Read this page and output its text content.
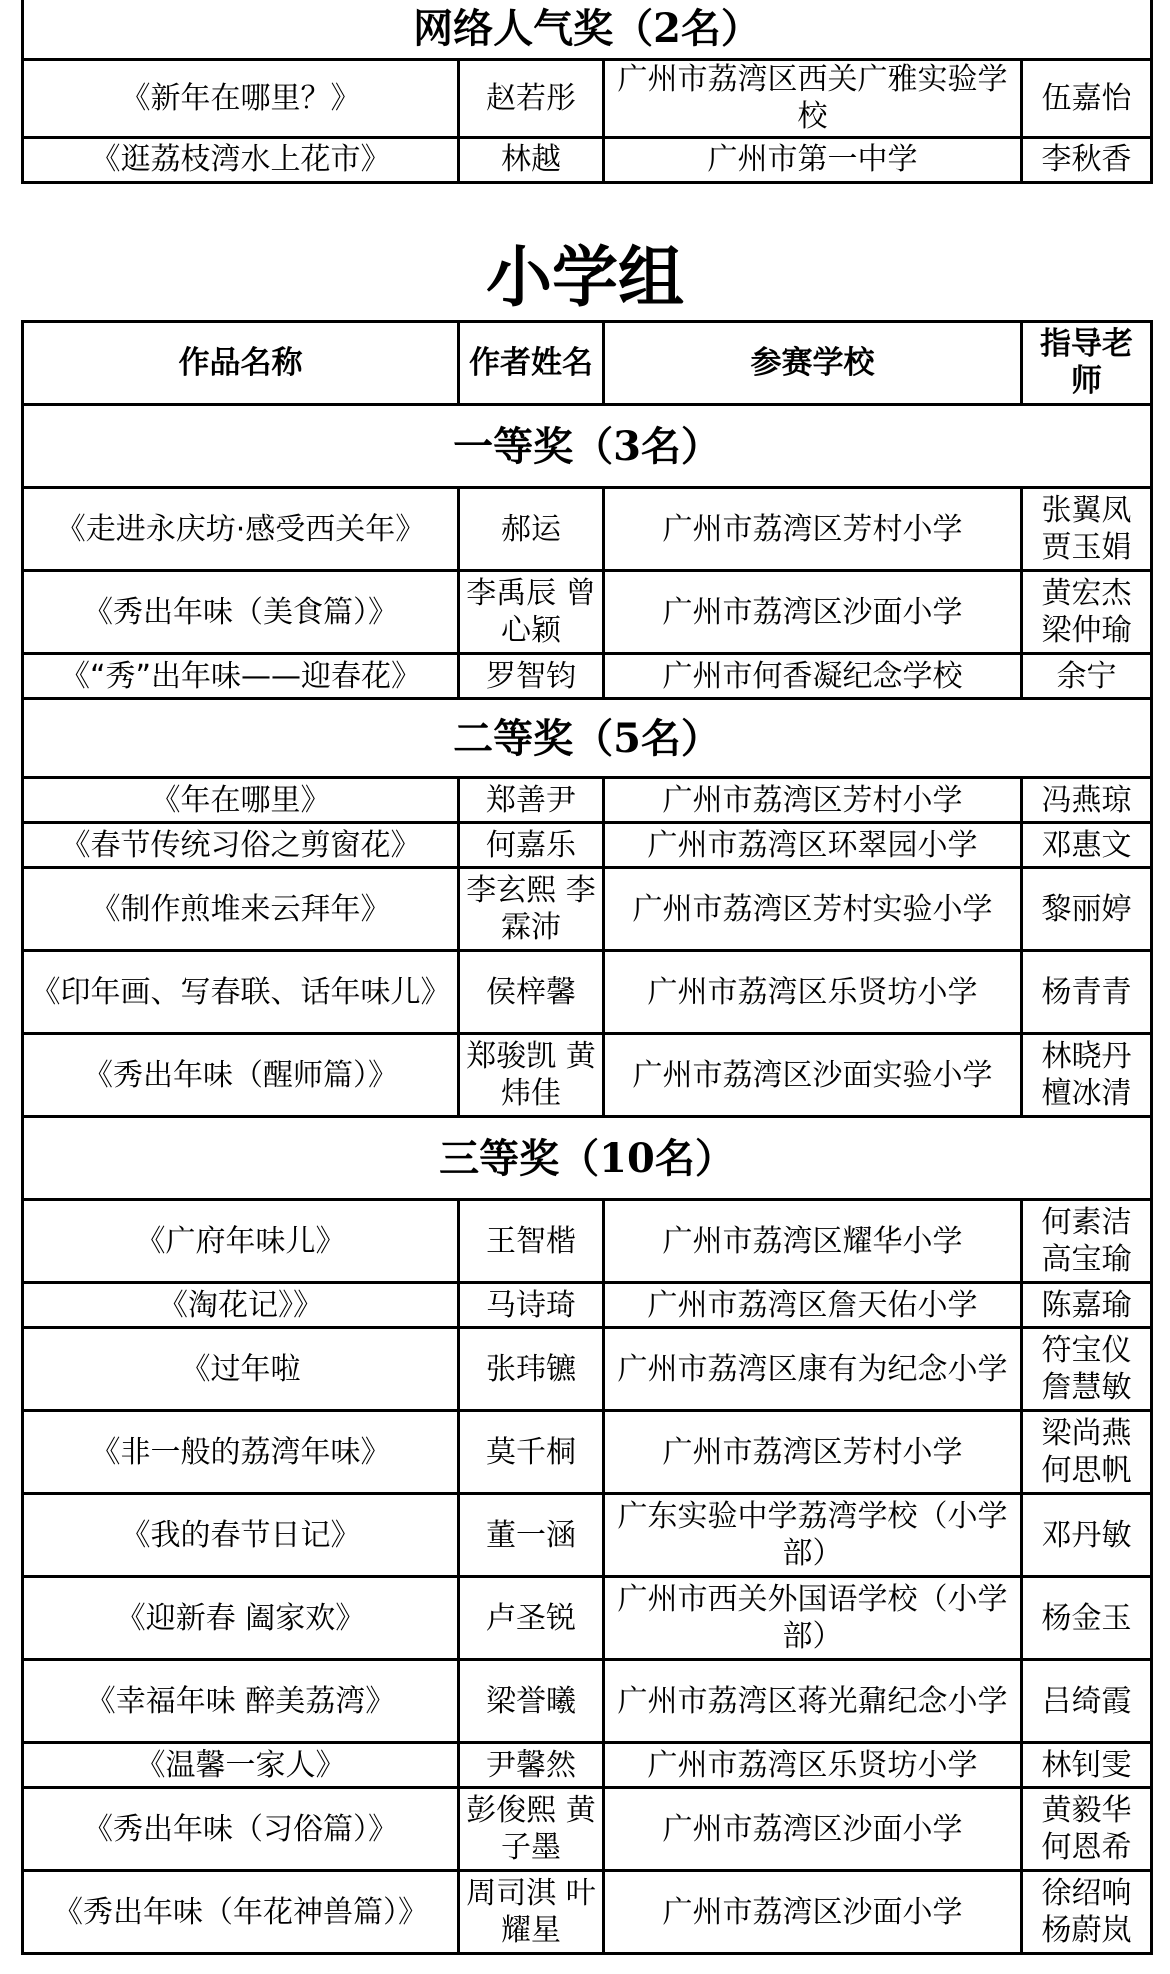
网络人气奖（2名）			
《新年在哪里？》	赵若彤	广州市荔湾区西关广雅实验学校	伍嘉怡
《逛荔枝湾水上花市》	林越	广州市第一中学	李秋香
小学组
作品名称	作者姓名	参赛学校	指导老师
一等奖（3名）			
《走进永庆坊·感受西关年》	郝运	广州市荔湾区芳村小学	张翼凤 贾玉娟
《秀出年味（美食篇）》	李禹辰 曾心颖	广州市荔湾区沙面小学	黄宏杰 梁仲瑜
《“秀”出年味——迎春花》	罗智钧	广州市何香凝纪念学校	余宁
二等奖（5名）			
《年在哪里》	郑善尹	广州市荔湾区芳村小学	冯燕琼
《春节传统习俗之剪窗花》	何嘉乐	广州市荔湾区环翠园小学	邓惠文
《制作煎堆来云拜年》	李玄熙 李霖沛	广州市荔湾区芳村实验小学	黎丽婷
《印年画、写春联、话年味儿》	侯梓馨	广州市荔湾区乐贤坊小学	杨青青
《秀出年味（醒师篇）》	郑骏凯 黄炜佳	广州市荔湾区沙面实验小学	林晓丹 檀冰清
三等奖（10名）			
《广府年味儿》	王智楷	广州市荔湾区耀华小学	何素洁 高宝瑜
《淘花记》》	马诗琦	广州市荔湾区詹天佑小学	陈嘉瑜
《过年啦	张玮镳	广州市荔湾区康有为纪念小学	符宝仪 詹慧敏
《非一般的荔湾年味》	莫千桐	广州市荔湾区芳村小学	梁尚燕 何思帆
《我的春节日记》	董一涵	广东实验中学荔湾学校（小学部）	邓丹敏
《迎新春 阖家欢》	卢圣锐	广州市西关外国语学校（小学部）	杨金玉
《幸福年味 醉美荔湾》	梁誉曦	广州市荔湾区蒋光鼐纪念小学	吕绮霞
《温馨一家人》	尹馨然	广州市荔湾区乐贤坊小学	林钊雯
《秀出年味（习俗篇）》	彭俊熙 黄子墨	广州市荔湾区沙面小学	黄毅华 何恩希
《秀出年味（年花神兽篇）》	周司淇 叶耀星	广州市荔湾区沙面小学	徐绍响 杨蔚岚
